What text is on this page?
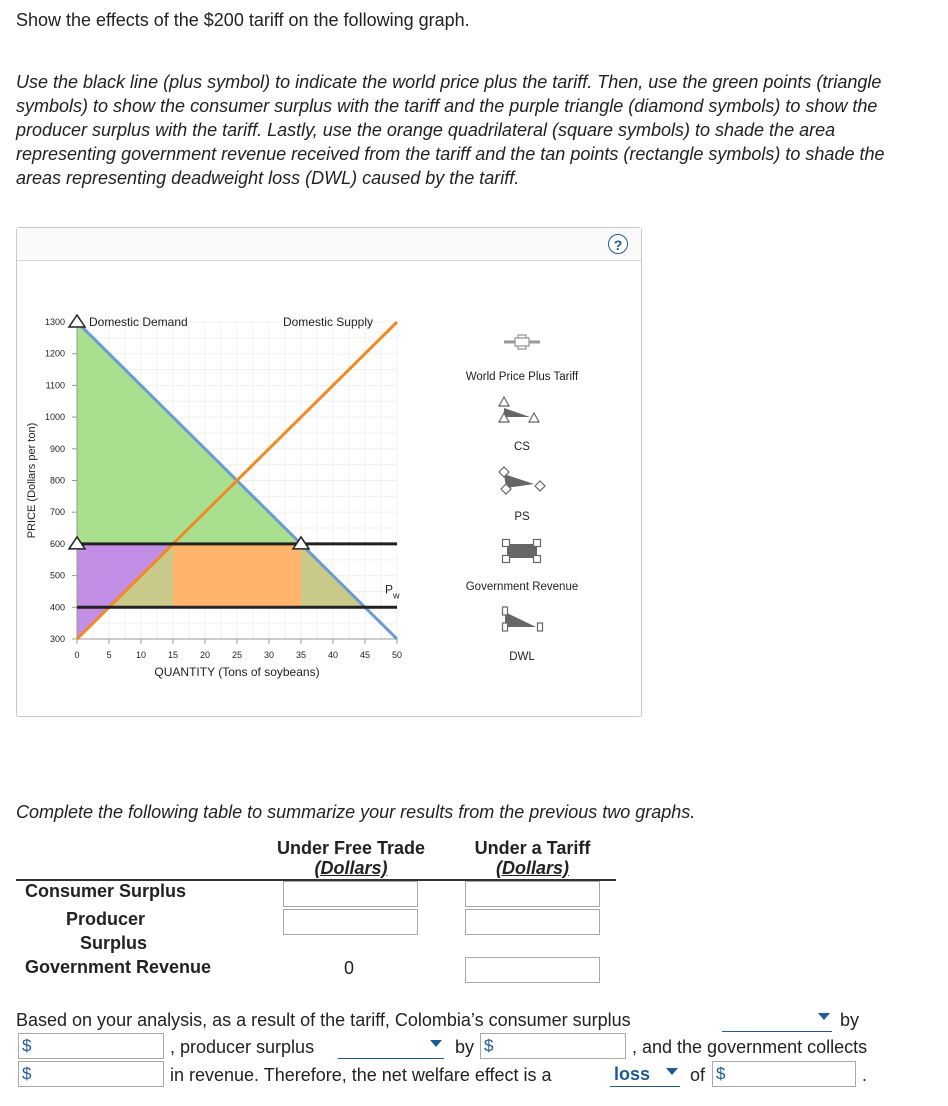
Show the effects of the $200 tariff on the following graph.
Use the black line (plus symbol) to indicate the world price plus the tariff. Then, use the green points (triangle symbols) to show the consumer surplus with the tariff and the purple triangle (diamond symbols) to show the producer surplus with the tariff. Lastly, use the orange quadrilateral (square symbols) to shade the area representing government revenue received from the tariff and the tan points (rectangle symbols) to shade the areas representing deadweight loss (DWL) caused by the tariff.
?
0	5	10 15 20 25 30 35 40 45 50
300
400
500
600
700
800
900
1000
1100
1200
1300
QUANTITY (Tons of soybeans)
PRICE (Dollars per ton)
Domestic Demand	Domestic Supply
$P_w$
World Price Plus Tariff
CS
PS
Government Revenue
DWL
Complete the following table to summarize your results from the previous two graphs.
Under Free Trade
(Dollars)
Under a Tariff
(Dollars)
Consumer Surplus
Producer
Surplus
Government Revenue	0
Based on your analysis, as a result of the tariff, Colombia’s consumer surplus	by
$	, producer surplus	by $	, and the government collects
$	in revenue. Therefore, the net welfare effect is a	loss of $	.
